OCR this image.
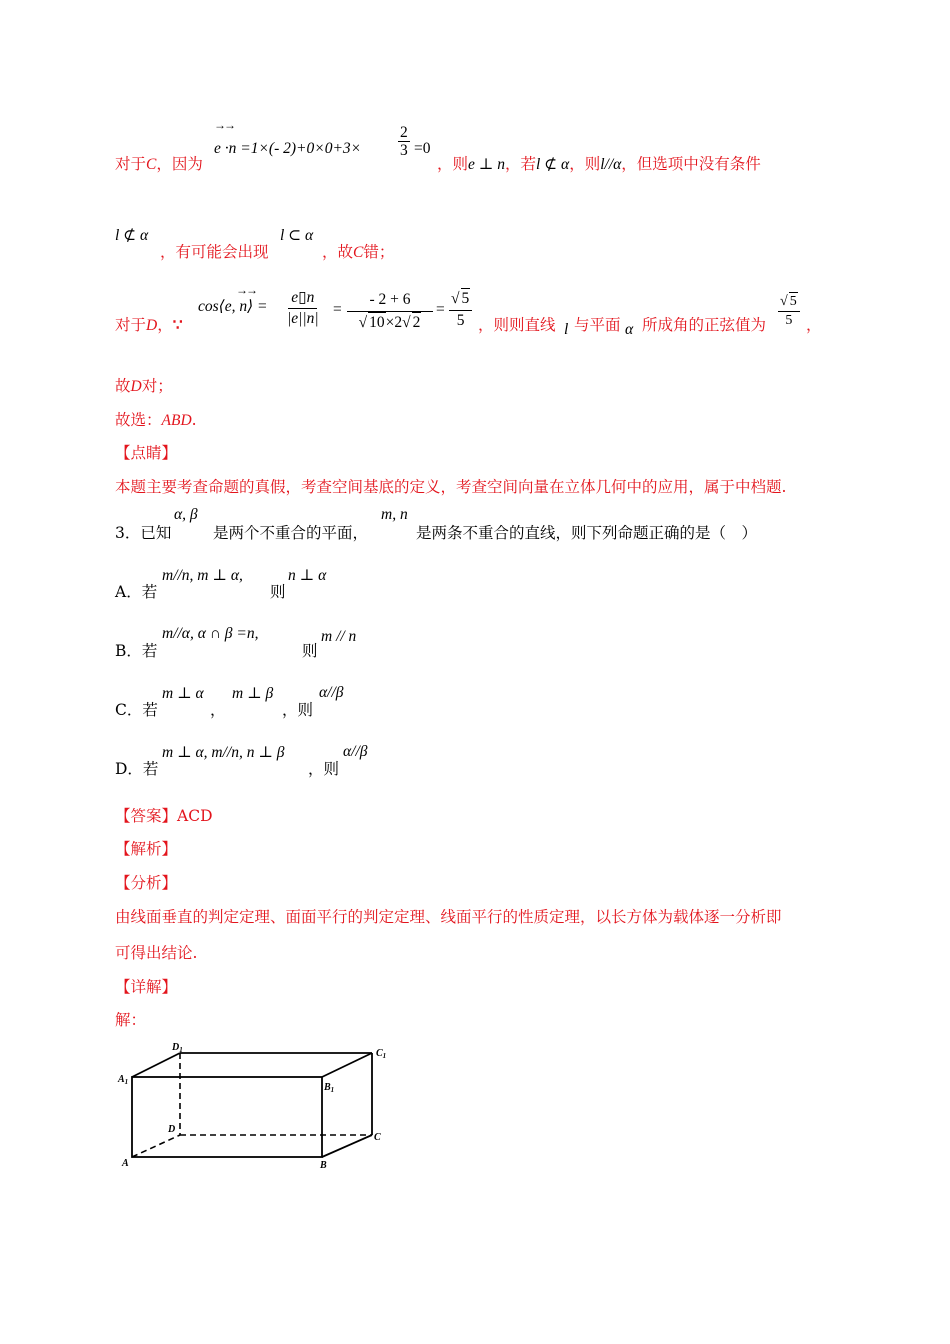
对于C，因为
→→
e ·n =1×(- 2)+0×0+3×
2
3 =0
，则e ⊥ n，若l ⊄ α，则l//α，但选项中没有条件
l ⊄ α
，有可能会出现
l ⊂ α
，故C错；
对于D，∵
→→
cos⟨e, n⟩ =
e▯n
|e||n|
=
- 2 + 6
√ 10×2√ 2
=
√ 5
5 ，则则直线 l 与平面 α 所成角的正弦值为
√ 5
5 ，
故D对；
故选：ABD.
【点睛】
本题主要考查命题的真假，考查空间基底的定义，考查空间向量在立体几何中的应用，属于中档题.
3．已知
α, β
是两个不重合的平面，
m, n
是两条不重合的直线，则下列命题正确的是（　）
A．若
m//n, m ⊥ α,
则
n ⊥ α
B．若
m//α, α ∩ β =n,
则
m // n
C．若
m ⊥ α
，
m ⊥ β
，则
α//β
D．若
m ⊥ α, m//n, n ⊥ β
，则
α//β
【答案】ACD
【解析】
【分析】
由线面垂直的判定定理、面面平行的判定定理、线面平行的性质定理，以长方体为载体逐一分析即
可得出结论.
【详解】
解：
$A_1$
$D_1$	$C_1$
$B_1$
D
C
A	B
